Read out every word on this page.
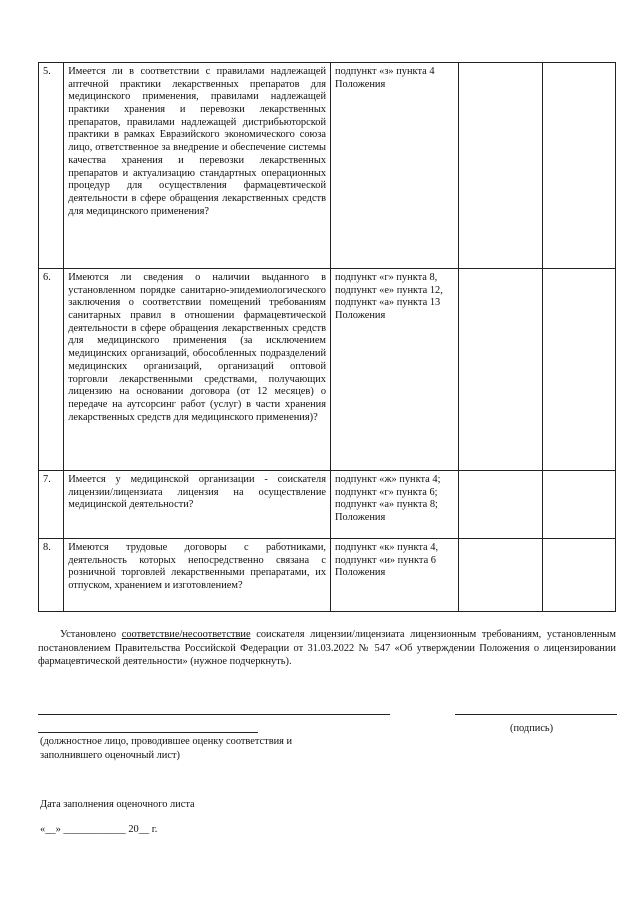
5.	Имеется ли в соответствии с правилами надлежащей аптечной практики лекарственных препаратов для медицинского применения, правилами надлежащей практики хранения и перевозки лекарственных препаратов, правилами надлежащей дистрибьюторской практики в рамках Евразийского экономического союза лицо, ответственное за внедрение и обеспечение системы качества хранения и перевозки лекарственных препаратов и актуализацию стандартных операционных процедур для осуществления фармацевтической деятельности в сфере обращения лекарственных средств для медицинского применения?	подпункт «з» пункта 4 Положения		
6.	Имеются ли сведения о наличии выданного в установленном порядке санитарно-эпидемиологического заключения о соответствии помещений требованиям санитарных правил в отношении фармацевтической деятельности в сфере обращения лекарственных средств для медицинского применения (за исключением медицинских организаций, обособленных подразделений медицинских организаций, организаций оптовой торговли лекарственными средствами, получающих лицензию на основании договора (от 12 месяцев) о передаче на аутсорсинг работ (услуг) в части хранения лекарственных средств для медицинского применения)?	подпункт «г» пункта 8, подпункт «е» пункта 12, подпункт «а» пункта 13 Положения		
7.	Имеется у медицинской организации - соискателя лицензии/лицензиата лицензия на осуществление медицинской деятельности?	подпункт «ж» пункта 4; подпункт «г» пункта 6; подпункт «а» пункта 8; Положения		
8.	Имеются трудовые договоры с работниками, деятельность которых непосредственно связана с розничной торговлей лекарственными препаратами, их отпуском, хранением и изготовлением?	подпункт «к» пункта 4, подпункт «и» пункта 6 Положения		

Установлено соответствие/несоответствие соискателя лицензии/лицензиата лицензионным требованиям, установленным постановлением Правительства Российской Федерации от 31.03.2022 № 547 «Об утверждении Положения о лицензировании фармацевтической деятельности» (нужное подчеркнуть).

(подпись)
(должностное лицо, проводившее оценку соответствия и заполнившего оценочный лист)
Дата заполнения оценочного листа
«__» ____________ 20__ г.
